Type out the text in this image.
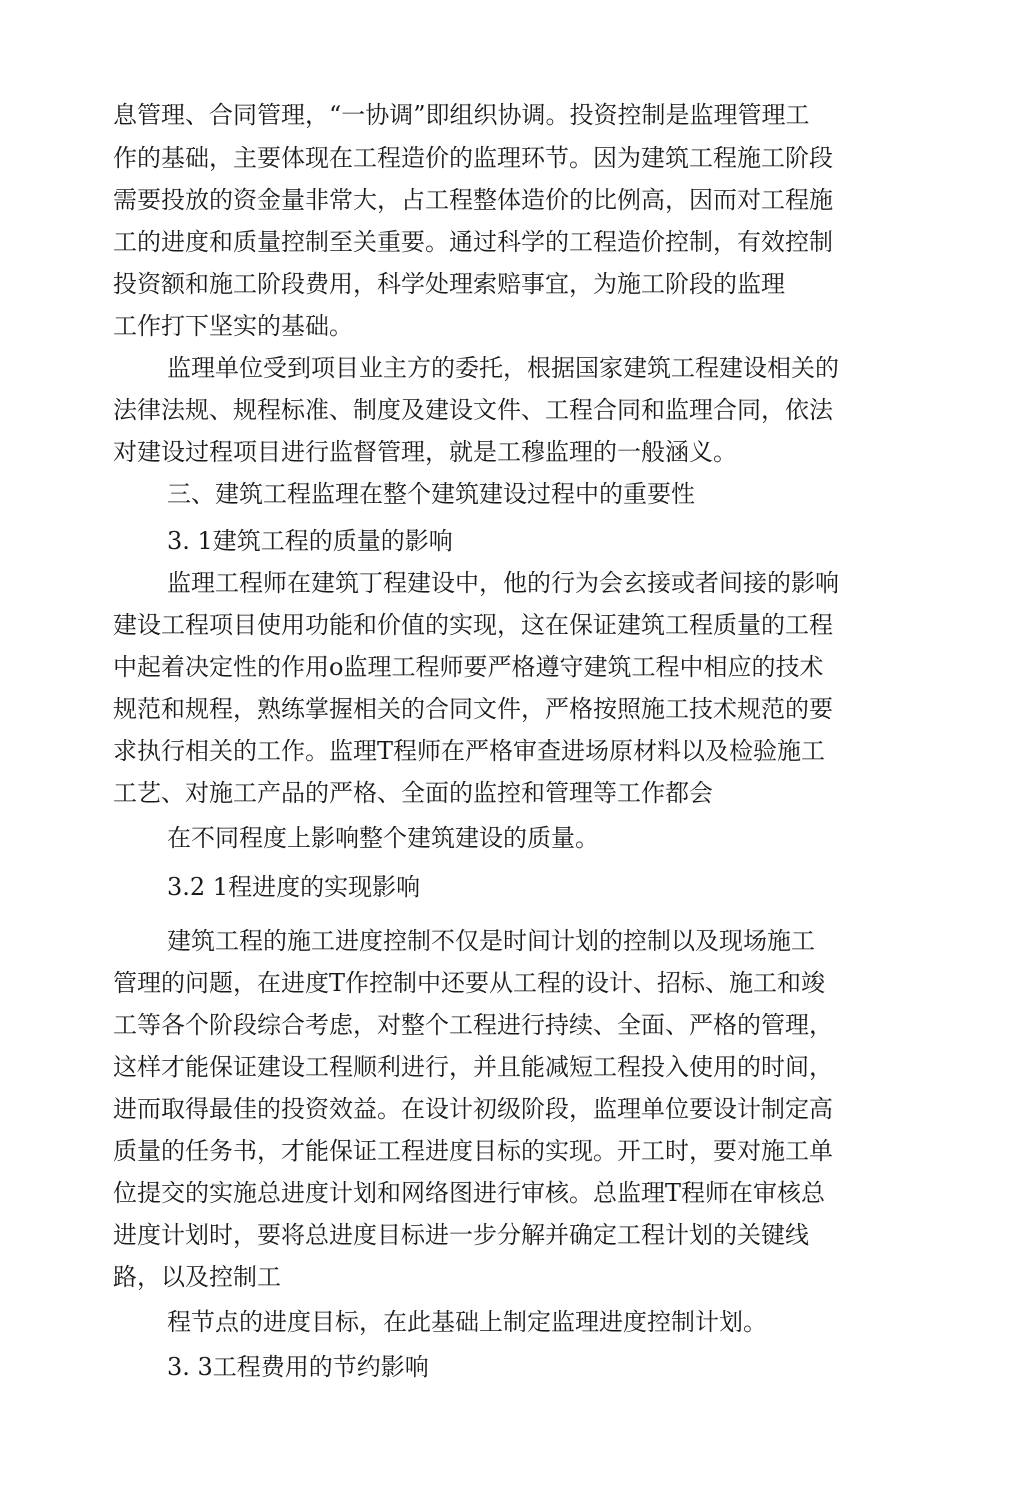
息管理、合同管理，“一协调”即组织协调。投资控制是监理管理工
作的基础，主要体现在工程造价的监理环节。因为建筑工程施工阶段
需要投放的资金量非常大，占工程整体造价的比例高，因而对工程施
工的进度和质量控制至关重要。通过科学的工程造价控制，有效控制
投资额和施工阶段费用，科学处理索赔事宜，为施工阶段的监理
工作打下坚实的基础。
监理单位受到项目业主方的委托，根据国家建筑工程建设相关的
法律法规、规程标准、制度及建设文件、工程合同和监理合同，依法
对建设过程项目进行监督管理，就是工穆监理的一般涵义。
三、建筑工程监理在整个建筑建设过程中的重要性
3. 1建筑工程的质量的影响
监理工程师在建筑丁程建设中，他的行为会玄接或者间接的影响
建设工程项目使用功能和价值的实现，这在保证建筑工程质量的工程
中起着决定性的作用o监理工程师要严格遵守建筑工程中相应的技术
规范和规程，熟练掌握相关的合同文件，严格按照施工技术规范的要
求执行相关的工作。监理T程师在严格审查进场原材料以及检验施工
工艺、对施工产品的严格、全面的监控和管理等工作都会
在不同程度上影响整个建筑建设的质量。
3.2 1程进度的实现影响
建筑工程的施工进度控制不仅是时间计划的控制以及现场施工
管理的问题，在进度T作控制中还要从工程的设计、招标、施工和竣
工等各个阶段综合考虑，对整个工程进行持续、全面、严格的管理，
这样才能保证建设工程顺利进行，并且能减短工程投入使用的时间，
进而取得最佳的投资效益。在设计初级阶段，监理单位要设计制定高
质量的任务书，才能保证工程进度目标的实现。开工时，要对施工单
位提交的实施总进度计划和网络图进行审核。总监理T程师在审核总
进度计划时，要将总进度目标进一步分解并确定工程计划的关键线
路，以及控制工
程节点的进度目标，在此基础上制定监理进度控制计划。
3. 3工程费用的节约影响
